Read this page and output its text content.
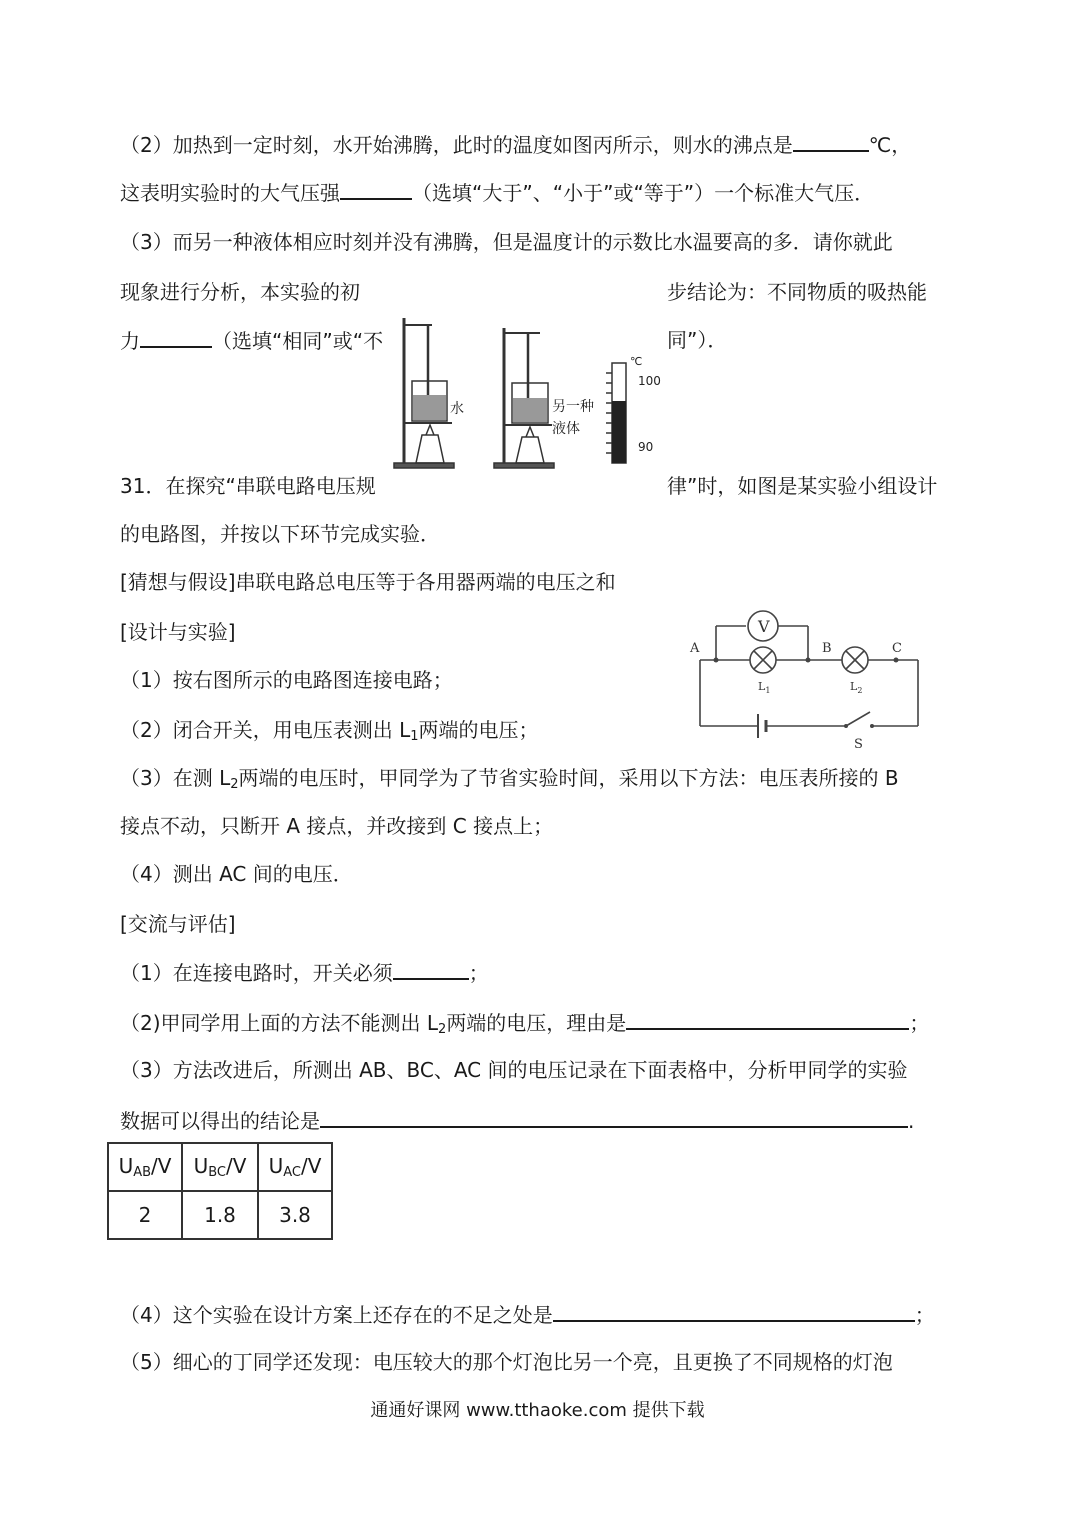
（2）加热到一定时刻，水开始沸腾，此时的温度如图丙所示，则水的沸点是	℃，
这表明实验时的大气压强	（选填“大于”、“小于”或“等于”）一个标准大气压．
（3）而另一种液体相应时刻并没有沸腾，但是温度计的示数比水温要高的多．请你就此
现象进行分析，本实验的初	步结论为：不同物质的吸热能
力	（选填“相同”或“不	同”）．
水	另一种
液体
℃
100
90
31．在探究“串联电路电压规	律”时，如图是某实验小组设计
的电路图，并按以下环节完成实验．
[猜想与假设]串联电路总电压等于各用器两端的电压之和
[设计与实验]
（1）按右图所示的电路图连接电路；
（2）闭合开关，用电压表测出 $L_1$两端的电压；
（3）在测 $L_2$两端的电压时，甲同学为了节省实验时间，采用以下方法：电压表所接的 B
接点不动，只断开 A 接点，并改接到 C 接点上；
（4）测出 AC 间的电压．
[交流与评估]
（1）在连接电路时，开关必须	；
（2)甲同学用上面的方法不能测出 $L_2$两端的电压，理由是	；
（3）方法改进后，所测出 AB、BC、AC 间的电压记录在下面表格中，分析甲同学的实验
数据可以得出的结论是	.
V
A	B	C
$L_1$	$L_2$
S
$U_{AB}/V$	$U_{BC}/V$	$U_{AC}/V$
2	1.8	3.8
（4）这个实验在设计方案上还存在的不足之处是	；
（5）细心的丁同学还发现：电压较大的那个灯泡比另一个亮，且更换了不同规格的灯泡
通通好课网 www.tthaoke.com 提供下载
